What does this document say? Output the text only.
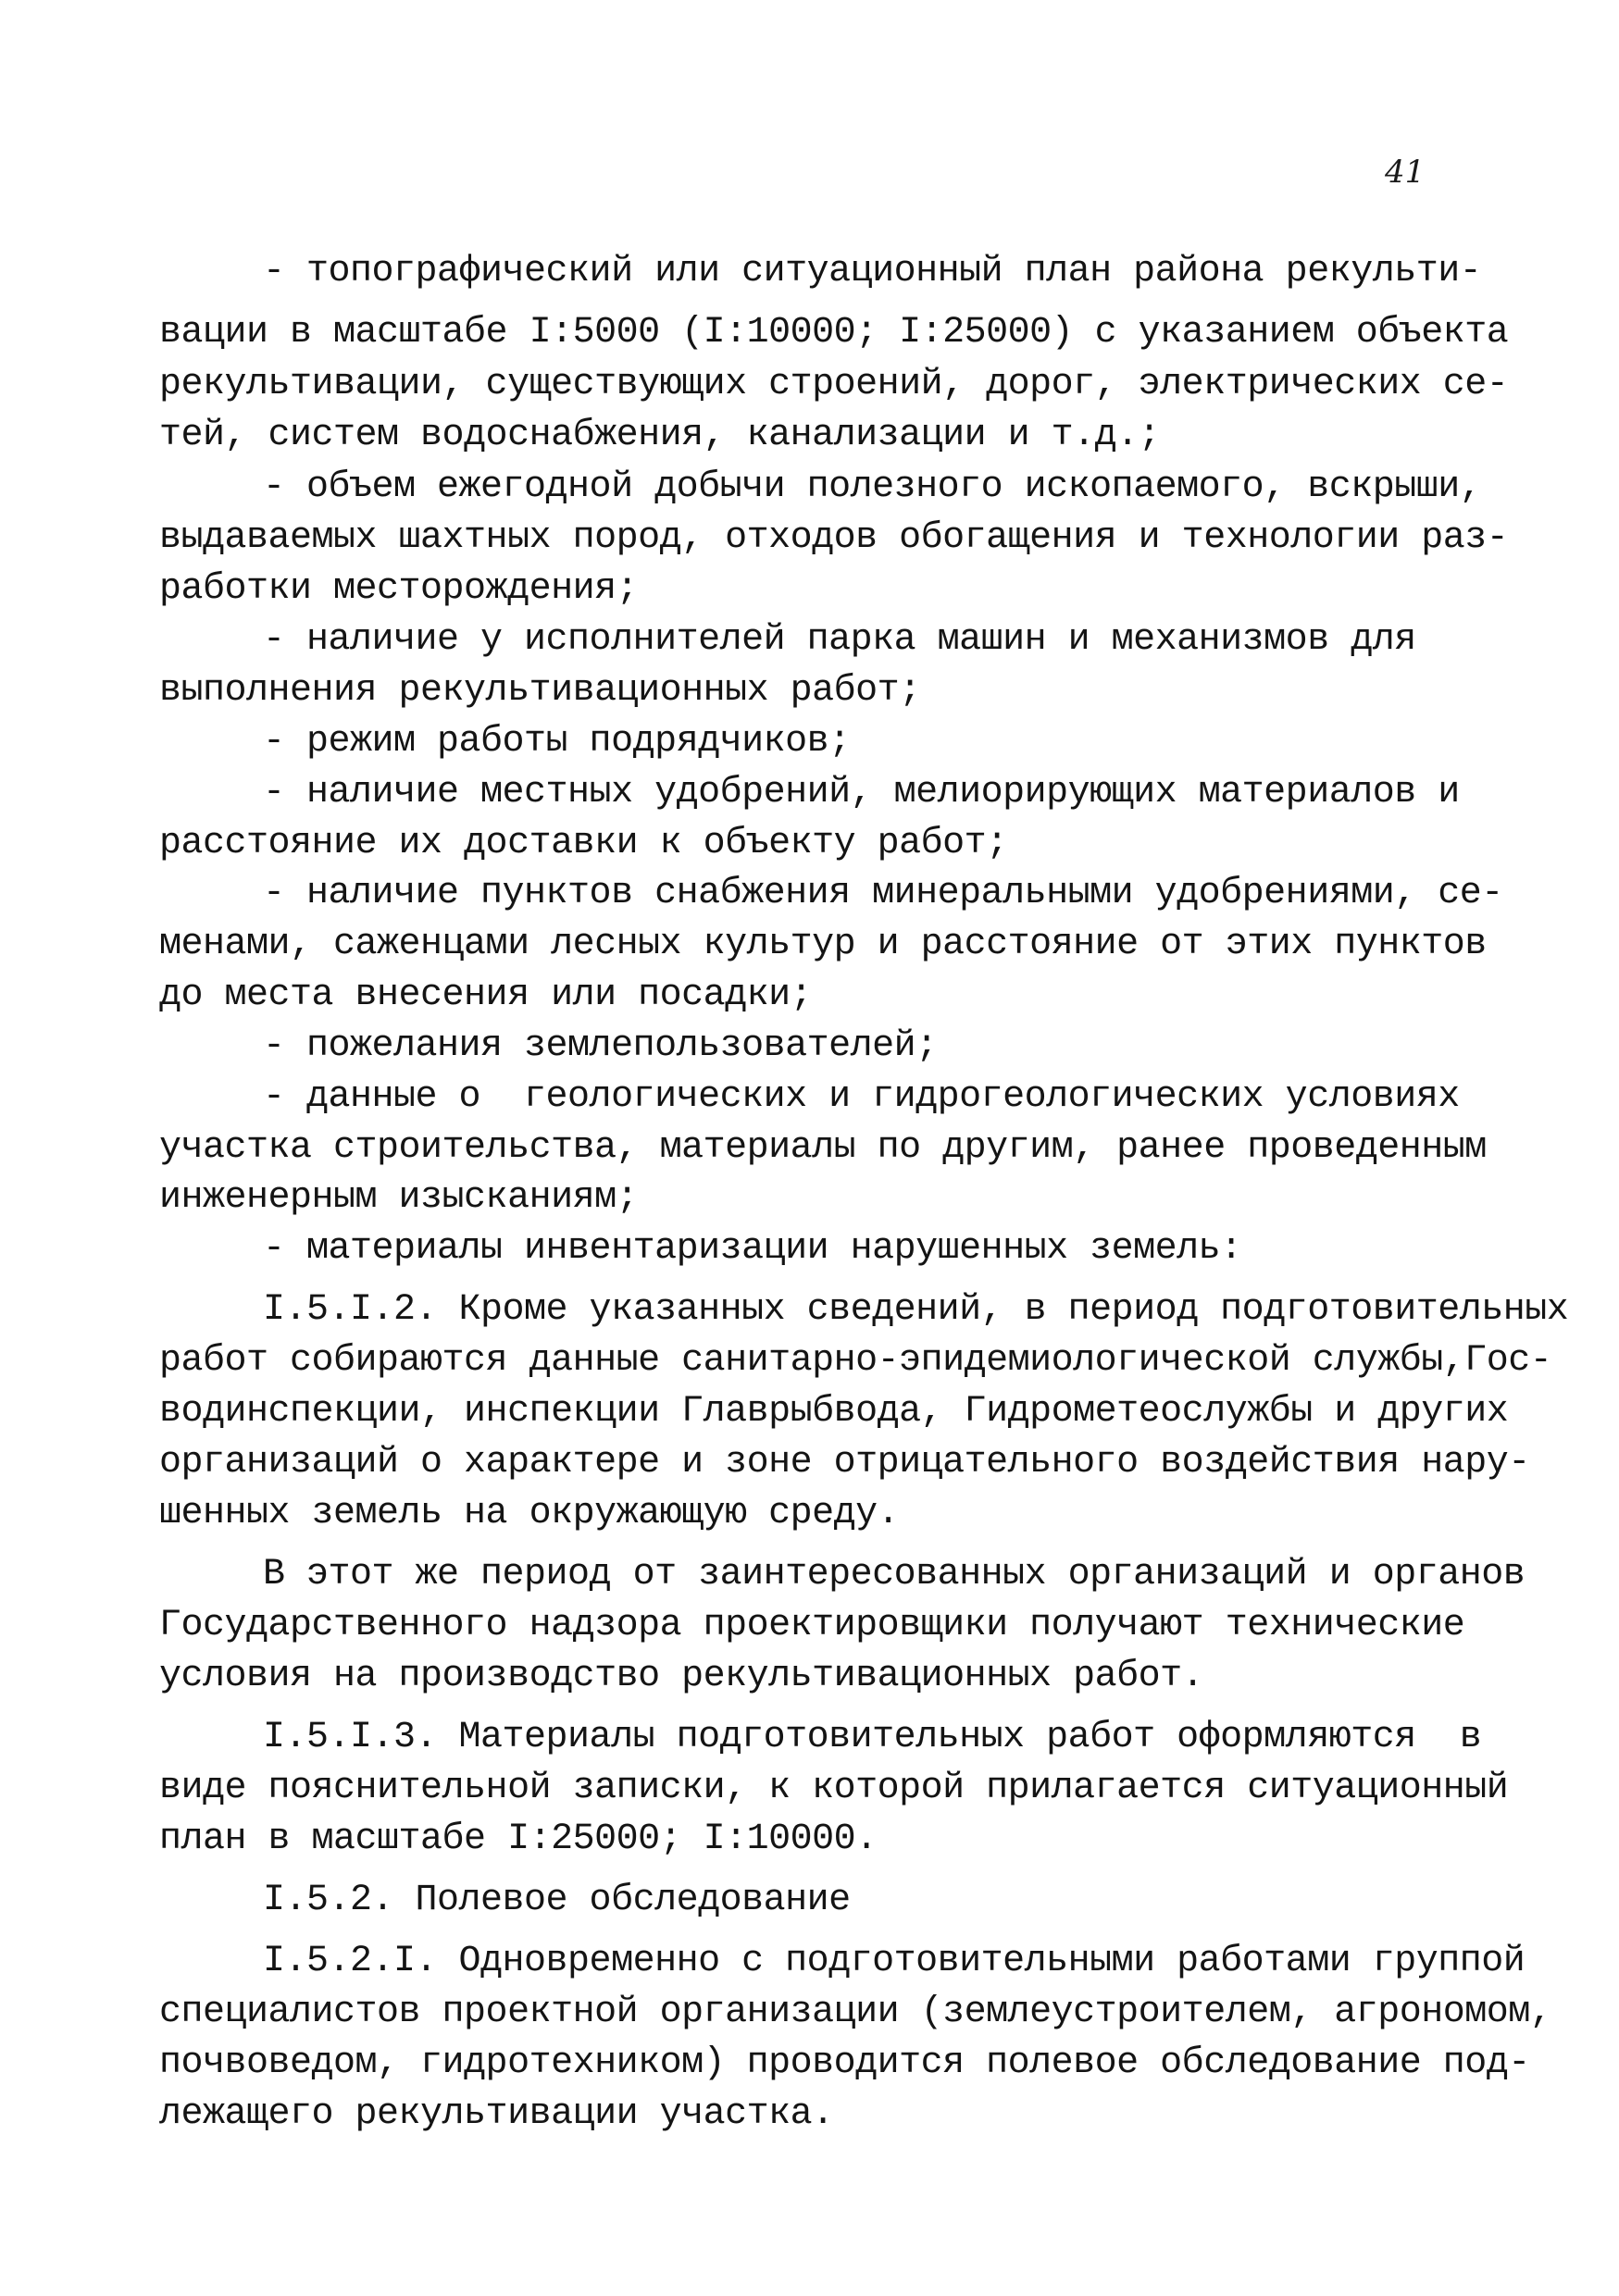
41
- топографический или ситуационный план района рекульти-
вации в масштабе I:5000 (I:10000; I:25000) с указанием объекта
рекультивации, существующих строений, дорог, электрических се-
тей, систем водоснабжения, канализации и т.д.;
- объем ежегодной добычи полезного ископаемого, вскрыши,
выдаваемых шахтных пород, отходов обогащения и технологии раз-
работки месторождения;
- наличие у исполнителей парка машин и механизмов для
выполнения рекультивационных работ;
- режим работы подрядчиков;
- наличие местных удобрений, мелиорирующих материалов и
расстояние их доставки к объекту работ;
- наличие пунктов снабжения минеральными удобрениями, се-
менами, саженцами лесных культур и расстояние от этих пунктов
до места внесения или посадки;
- пожелания землепользователей;
- данные о  геологических и гидрогеологических условиях
участка строительства, материалы по другим, ранее проведенным
инженерным изысканиям;
- материалы инвентаризации нарушенных земель:
I.5.I.2. Кроме указанных сведений, в период подготовительных
работ собираются данные санитарно-эпидемиологической службы,Гос-
водинспекции, инспекции Главрыбвода, Гидрометеослужбы и других
организаций о характере и зоне отрицательного воздействия нару-
шенных земель на окружающую среду.
В этот же период от заинтересованных организаций и органов
Государственного надзора проектировщики получают технические
условия на производство рекультивационных работ.
I.5.I.3. Материалы подготовительных работ оформляются  в
виде пояснительной записки, к которой прилагается ситуационный
план в масштабе I:25000; I:10000.
I.5.2. Полевое обследование
I.5.2.I. Одновременно с подготовительными работами группой
специалистов проектной организации (землеустроителем, агрономом,
почвоведом, гидротехником) проводится полевое обследование под-
лежащего рекультивации участка.
